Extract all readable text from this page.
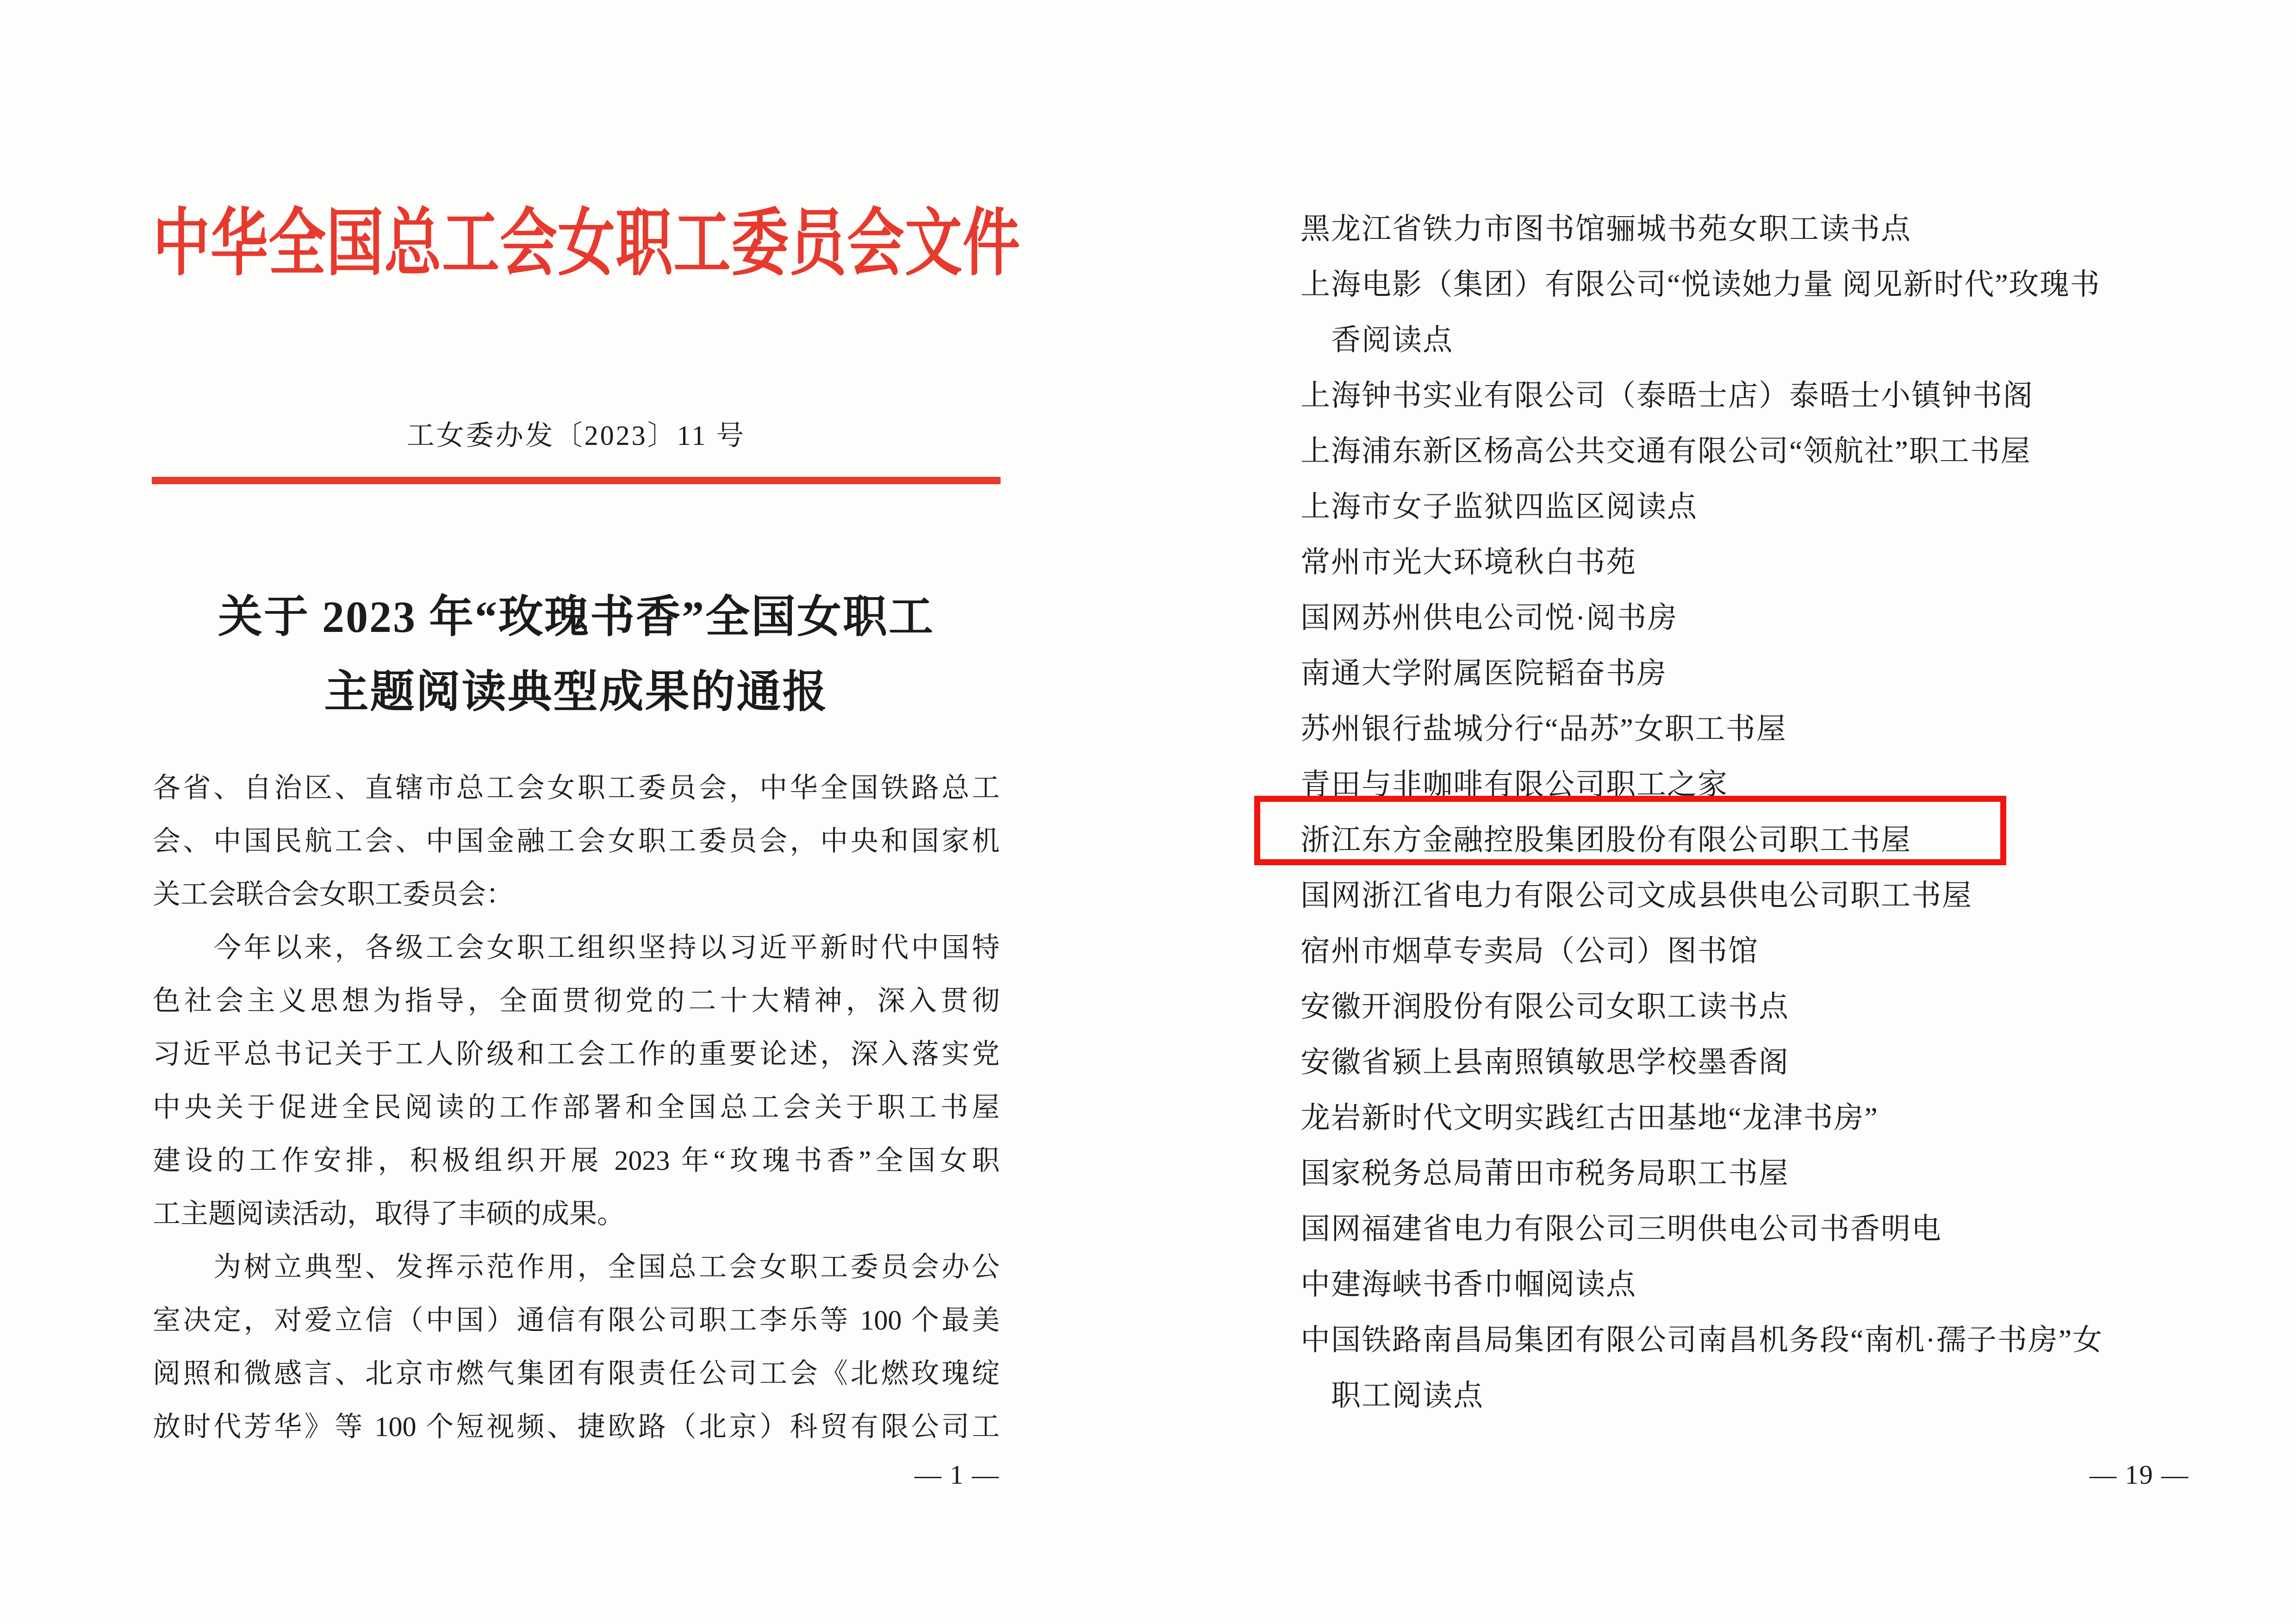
中华全国总工会女职工委员会文件
工女委办发〔2023〕11 号
关于 2023 年“玫瑰书香”全国女职工
主题阅读典型成果的通报
各省、自治区、直辖市总工会女职工委员会，中华全国铁路总工
会、中国民航工会、中国金融工会女职工委员会，中央和国家机
关工会联合会女职工委员会：
　　今年以来，各级工会女职工组织坚持以习近平新时代中国特
色社会主义思想为指导，全面贯彻党的二十大精神，深入贯彻
习近平总书记关于工人阶级和工会工作的重要论述，深入落实党
中央关于促进全民阅读的工作部署和全国总工会关于职工书屋
建设的工作安排，积极组织开展 2023 年“玫瑰书香”全国女职
工主题阅读活动，取得了丰硕的成果。
　　为树立典型、发挥示范作用，全国总工会女职工委员会办公
室决定，对爱立信（中国）通信有限公司职工李乐等 100 个最美
阅照和微感言、北京市燃气集团有限责任公司工会《北燃玫瑰绽
放时代芳华》等 100 个短视频、捷欧路（北京）科贸有限公司工
— 1 —
黑龙江省铁力市图书馆骊城书苑女职工读书点
上海电影（集团）有限公司“悦读她力量 阅见新时代”玫瑰书
　香阅读点
上海钟书实业有限公司（泰晤士店）泰晤士小镇钟书阁
上海浦东新区杨高公共交通有限公司“领航社”职工书屋
上海市女子监狱四监区阅读点
常州市光大环境秋白书苑
国网苏州供电公司悦·阅书房
南通大学附属医院韬奋书房
苏州银行盐城分行“品苏”女职工书屋
青田与非咖啡有限公司职工之家
浙江东方金融控股集团股份有限公司职工书屋
国网浙江省电力有限公司文成县供电公司职工书屋
宿州市烟草专卖局（公司）图书馆
安徽开润股份有限公司女职工读书点
安徽省颍上县南照镇敏思学校墨香阁
龙岩新时代文明实践红古田基地“龙津书房”
国家税务总局莆田市税务局职工书屋
国网福建省电力有限公司三明供电公司书香明电
中建海峡书香巾帼阅读点
中国铁路南昌局集团有限公司南昌机务段“南机·孺子书房”女
　职工阅读点
— 19 —
